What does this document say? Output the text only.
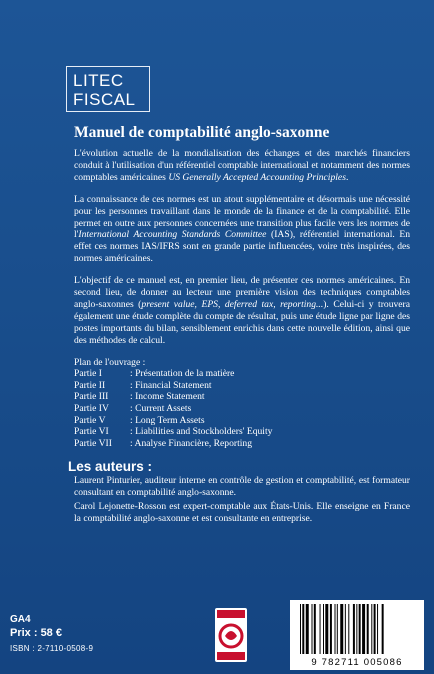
LITEC
FISCAL
Manuel de comptabilité anglo-saxonne

L'évolution actuelle de la mondialisation des échanges et des marchés financiers conduit à l'utilisation d'un référentiel comptable international et notamment des normes comptables américaines US Generally Accepted Accounting Principles.

La connaissance de ces normes est un atout supplémentaire et désormais une nécessité pour les personnes travaillant dans le monde de la finance et de la comptabilité. Elle permet en outre aux personnes concernées une transition plus facile vers les normes de l'International Accounting Standards Committee (IAS), référentiel international. En effet ces normes IAS/IFRS sont en grande partie influencées, voire très inspirées, des normes américaines.

L'objectif de ce manuel est, en premier lieu, de présenter ces normes américaines. En second lieu, de donner au lecteur une première vision des techniques comptables anglo-saxonnes (present value, EPS, deferred tax, reporting...). Celui-ci y trouvera également une étude complète du compte de résultat, puis une étude ligne par ligne des postes importants du bilan, sensiblement enrichis dans cette nouvelle édition, ainsi que des méthodes de calcul.

Plan de l'ouvrage :
Partie I	: Présentation de la matière
Partie II	: Financial Statement
Partie III	: Income Statement
Partie IV	: Current Assets
Partie V	: Long Term Assets
Partie VI	: Liabilities and Stockholders' Equity
Partie VII	: Analyse Financière, Reporting
Les auteurs :

Laurent Pinturier, auditeur interne en contrôle de gestion et comptabilité, est formateur consultant en comptabilité anglo-saxonne.

Carol Lejonette-Rosson est expert-comptable aux États-Unis. Elle enseigne en France la comptabilité anglo-saxonne et est consultante en entreprise.

GA4
Prix : 58 €
ISBN : 2-7110-0508-9
9 782711 005086
